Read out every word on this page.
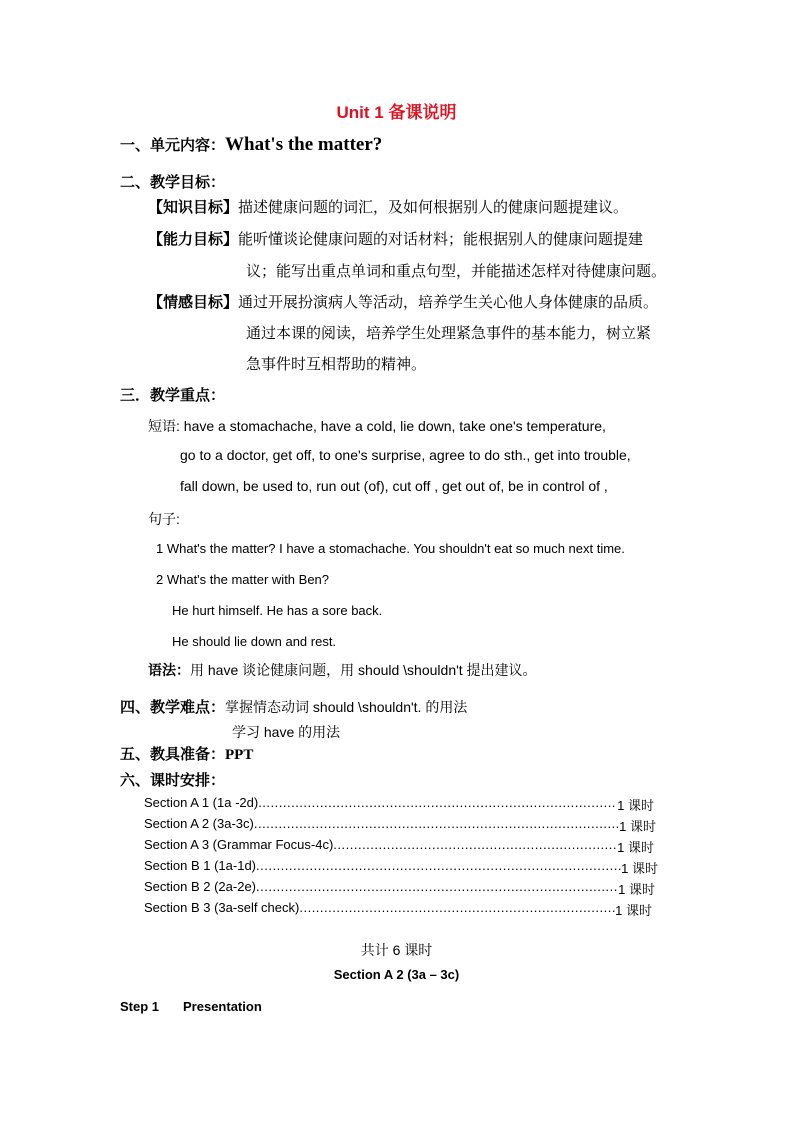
Unit 1 备课说明
一、单元内容：What's the matter?
二、教学目标：
【知识目标】描述健康问题的词汇，及如何根据别人的健康问题提建议。
【能力目标】能听懂谈论健康问题的对话材料；能根据别人的健康问题提建
议；能写出重点单词和重点句型，并能描述怎样对待健康问题。
【情感目标】通过开展扮演病人等活动，培养学生关心他人身体健康的品质。
通过本课的阅读，培养学生处理紧急事件的基本能力，树立紧
急事件时互相帮助的精神。
三．教学重点：
短语: have a stomachache, have a cold, lie down, take one's temperature,
go to a doctor, get off, to one's surprise, agree to do sth., get into trouble,
fall down, be used to, run out (of), cut off , get out of, be in control of ,
句子:
1 What's the matter? I have a stomachache. You shouldn't eat so much next time.
2 What's the matter with Ben?
He hurt himself. He has a sore back.
He should lie down and rest.
语法：用 have 谈论健康问题，用 should \shouldn't 提出建议。
四、教学难点：掌握情态动词 should \shouldn't. 的用法
学习 have 的用法
五、教具准备：PPT
六、课时安排：
Section A 1 (1a -2d) .....	1 课时
Section A 2 (3a-3c) .....	1 课时
Section A 3 (Grammar Focus-4c) .....	1 课时
Section B 1 (1a-1d) .....	1 课时
Section B 2 (2a-2e) .....	1 课时
Section B 3 (3a-self check) .....	1 课时
共计 6 课时
Section A 2 (3a – 3c)
Step 1 Presentation
